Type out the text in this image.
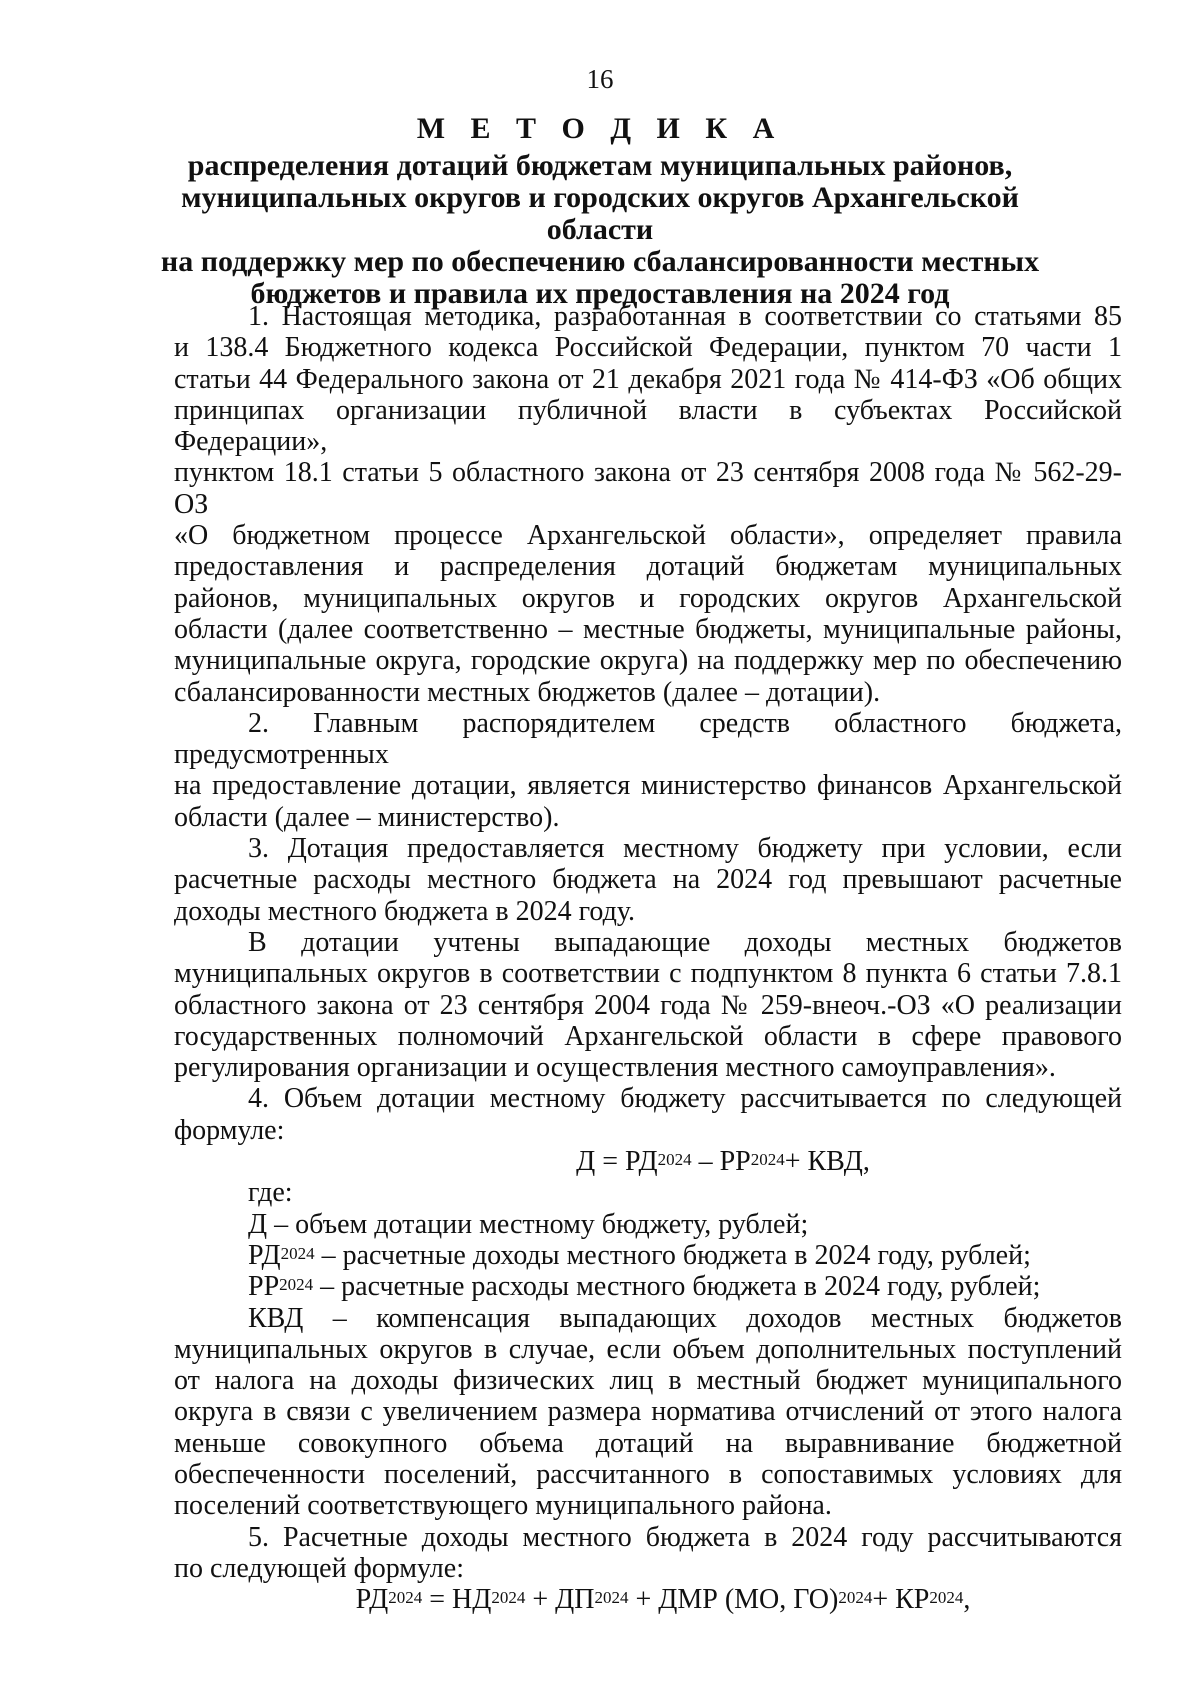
16
М Е Т О Д И К А
распределения дотаций бюджетам муниципальных районов,
муниципальных округов и городских округов Архангельской области
на поддержку мер по обеспечению сбалансированности местных
бюджетов и правила их предоставления на 2024 год

1. Настоящая методика, разработанная в соответствии со статьями 85

и 138.4 Бюджетного кодекса Российской Федерации, пунктом 70 части 1

статьи 44 Федерального закона от 21 декабря 2021 года № 414-ФЗ «Об общих

принципах организации публичной власти в субъектах Российской Федерации»,

пунктом 18.1 статьи 5 областного закона от 23 сентября 2008 года № 562-29-ОЗ

«О бюджетном процессе Архангельской области», определяет правила

предоставления и распределения дотаций бюджетам муниципальных

районов, муниципальных округов и городских округов Архангельской

области (далее соответственно – местные бюджеты, муниципальные районы,

муниципальные округа, городские округа) на поддержку мер по обеспечению

сбалансированности местных бюджетов (далее – дотации).

2. Главным распорядителем средств областного бюджета, предусмотренных

на предоставление дотации, является министерство финансов Архангельской

области (далее – министерство).

3. Дотация предоставляется местному бюджету при условии, если

расчетные расходы местного бюджета на 2024 год превышают расчетные

доходы местного бюджета в 2024 году.

В дотации учтены выпадающие доходы местных бюджетов

муниципальных округов в соответствии с подпунктом 8 пункта 6 статьи 7.8.1

областного закона от 23 сентября 2004 года № 259-внеоч.-ОЗ «О реализации

государственных полномочий Архангельской области в сфере правового

регулирования организации и осуществления местного самоуправления».

4. Объем дотации местному бюджету рассчитывается по следующей

формуле:

$Д = РД^{2024} - РР^{2024}+$ КВД,

где:

Д – объем дотации местному бюджету, рублей;

$РД^{2024}$ – расчетные доходы местного бюджета в 2024 году, рублей;

$РР^{2024}$ – расчетные расходы местного бюджета в 2024 году, рублей;

КВД – компенсация выпадающих доходов местных бюджетов

муниципальных округов в случае, если объем дополнительных поступлений

от налога на доходы физических лиц в местный бюджет муниципального

округа в связи с увеличением размера норматива отчислений от этого налога

меньше совокупного объема дотаций на выравнивание бюджетной

обеспеченности поселений, рассчитанного в сопоставимых условиях для

поселений соответствующего муниципального района.

5. Расчетные доходы местного бюджета в 2024 году рассчитываются

по следующей формуле:

$РД^{2024} = НД^{2024} + ДП^{2024}$ + ДМР (МО, $ГО)^{2024}+ КР^{2024}$,
